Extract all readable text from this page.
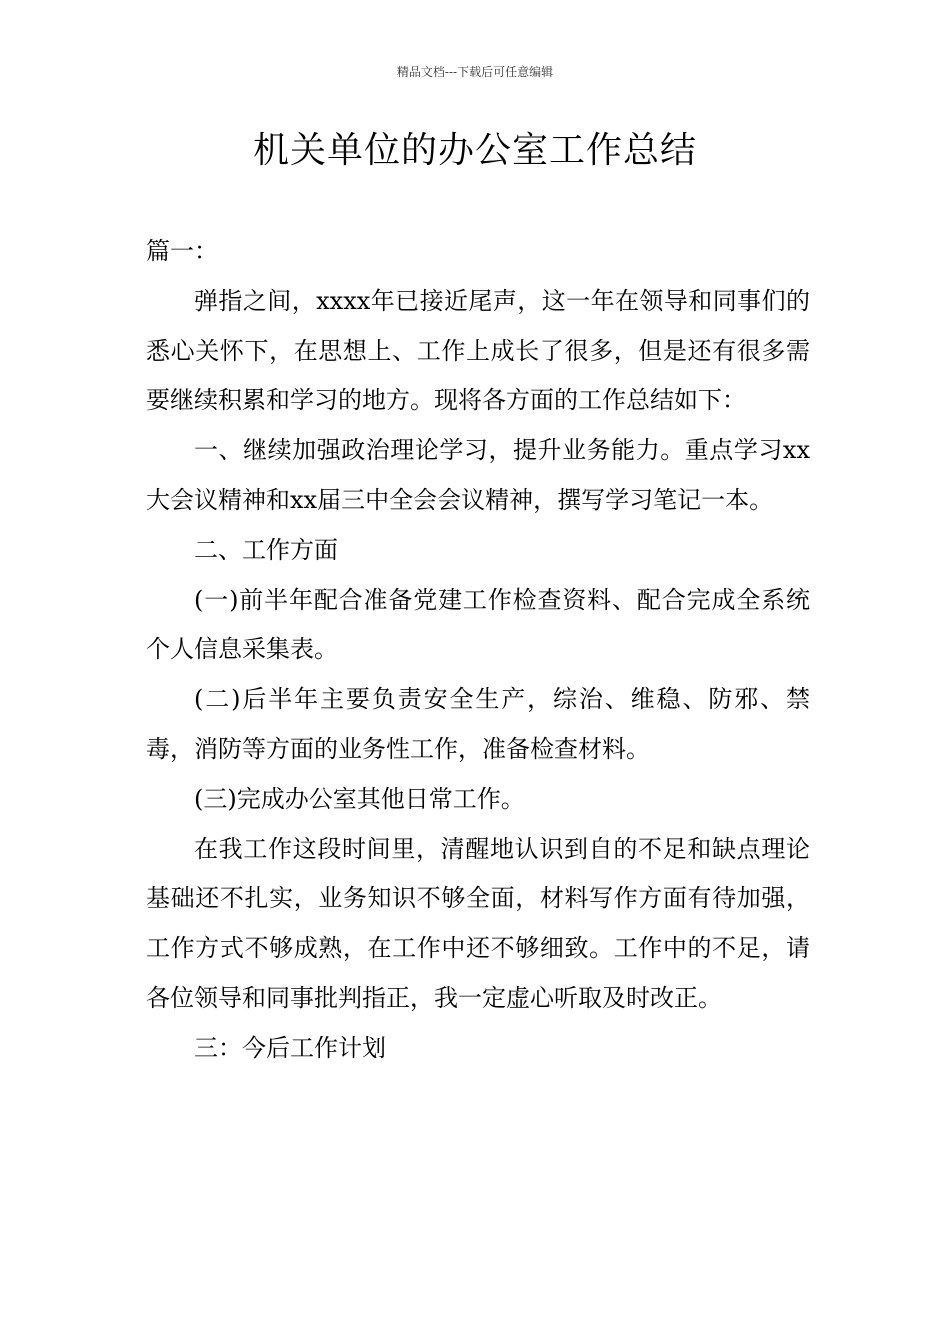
精品文档---下载后可任意编辑
机关单位的办公室工作总结

篇一：

弹指之间，xxxx年已接近尾声，这一年在领导和同事们的悉心关怀下，在思想上、工作上成长了很多，但是还有很多需要继续积累和学习的地方。现将各方面的工作总结如下：

一、继续加强政治理论学习，提升业务能力。重点学习xx大会议精神和xx届三中全会会议精神，撰写学习笔记一本。

二、工作方面

(一)前半年配合准备党建工作检查资料、配合完成全系统个人信息采集表。

(二)后半年主要负责安全生产，综治、维稳、防邪、禁毒，消防等方面的业务性工作，准备检查材料。

(三)完成办公室其他日常工作。

在我工作这段时间里，清醒地认识到自的不足和缺点理论基础还不扎实，业务知识不够全面，材料写作方面有待加强，工作方式不够成熟，在工作中还不够细致。工作中的不足，请各位领导和同事批判指正，我一定虚心听取及时改正。

三：今后工作计划
